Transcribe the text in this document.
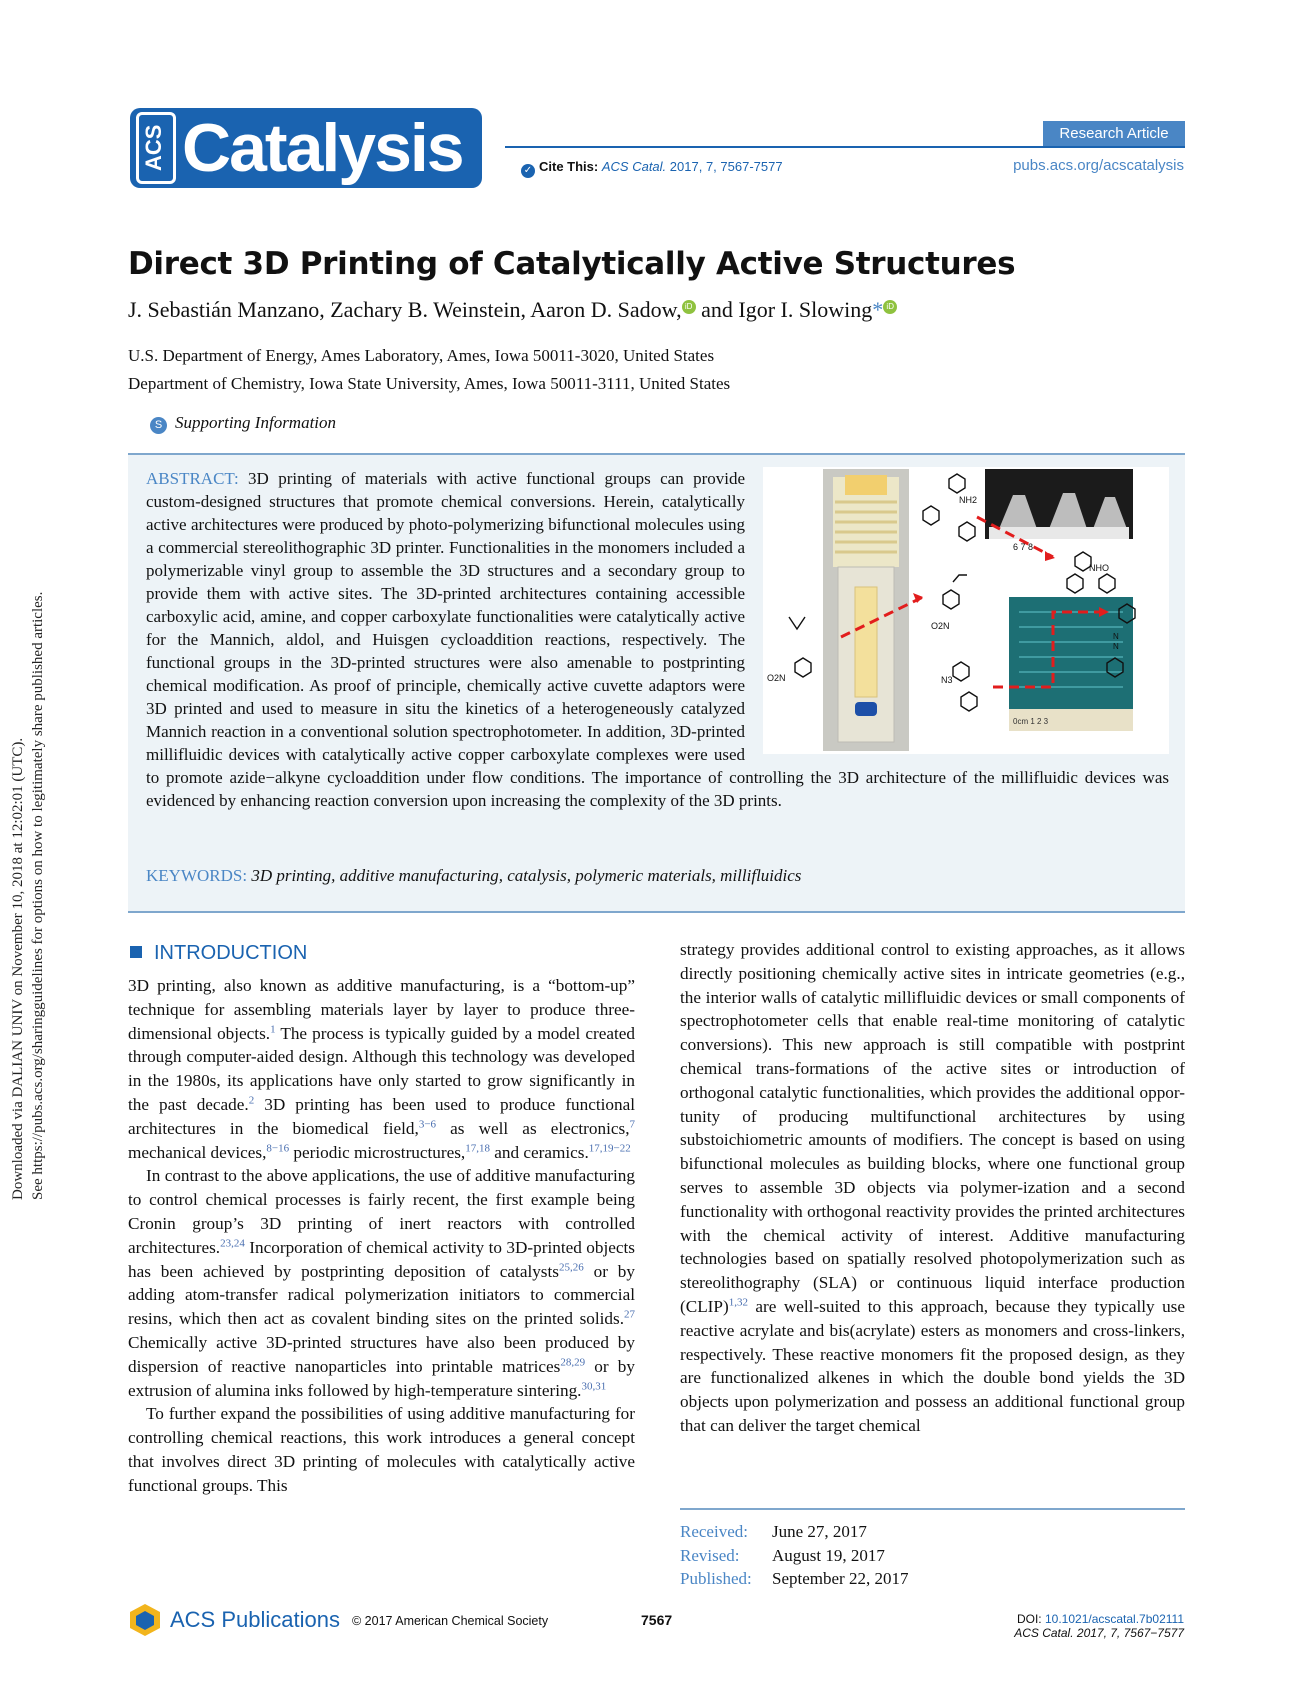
Downloaded via DALIAN UNIV on November 10, 2018 at 12:02:01 (UTC). See https://pubs.acs.org/sharingguidelines for options on how to legitimately share published articles.
ACS Catalysis	Research Article
✓ Cite This: ACS Catal. 2017, 7, 7567-7577	pubs.acs.org/acscatalysis
Direct 3D Printing of Catalytically Active Structures
J. Sebastián Manzano, Zachary B. Weinstein, Aaron D. Sadow, iD and Igor I. Slowing* iD
U.S. Department of Energy, Ames Laboratory, Ames, Iowa 50011-3020, United States
Department of Chemistry, Iowa State University, Ames, Iowa 50011-3111, United States
S Supporting Information
6 7 8
0cm 1 2 3
NH2
O2N
O2N	N3
NHO
N
N
ABSTRACT: 3D printing of materials with active functional groups can provide custom-designed structures that promote chemical conversions. Herein, catalytically active architectures were produced by photo-polymerizing bifunctional molecules using a commercial stereolithographic 3D printer. Functionalities in the monomers included a polymerizable vinyl group to assemble the 3D structures and a secondary group to provide them with active sites. The 3D-printed architectures containing accessible carboxylic acid, amine, and copper carboxylate functionalities were catalytically active for the Mannich, aldol, and Huisgen cycloaddition reactions, respectively. The functional groups in the 3D-printed structures were also amenable to postprinting chemical modification. As proof of principle, chemically active cuvette adaptors were 3D printed and used to measure in situ the kinetics of a heterogeneously catalyzed Mannich reaction in a conventional solution spectrophotometer. In addition, 3D-printed millifluidic devices with catalytically active copper carboxylate complexes were used to promote azide−alkyne cycloaddition under flow conditions. The importance of controlling the 3D architecture of the millifluidic devices was evidenced by enhancing reaction conversion upon increasing the complexity of the 3D prints.
KEYWORDS: 3D printing, additive manufacturing, catalysis, polymeric materials, millifluidics
INTRODUCTION

3D printing, also known as additive manufacturing, is a “bottom-up” technique for assembling materials layer by layer to produce three-dimensional objects.$^1$ The process is typically guided by a model created through computer-aided design. Although this technology was developed in the 1980s, its applications have only started to grow significantly in the past decade.$^2$ 3D printing has been used to produce functional architectures in the biomedical field,$^{3-6}$ as well as electronics,$^7$ mechanical devices,$^{8-16}$ periodic microstructures,$^{17,18}$ and ceramics.$^{17,19-22}$

In contrast to the above applications, the use of additive manufacturing to control chemical processes is fairly recent, the first example being Cronin group’s 3D printing of inert reactors with controlled architectures.$^{23,24}$ Incorporation of chemical activity to 3D-printed objects has been achieved by postprinting deposition of catalysts$^{25,26}$ or by adding atom-transfer radical polymerization initiators to commercial resins, which then act as covalent binding sites on the printed solids.$^{27}$ Chemically active 3D-printed structures have also been produced by dispersion of reactive nanoparticles into printable matrices$^{28,29}$ or by extrusion of alumina inks followed by high-temperature sintering.$^{30,31}$

To further expand the possibilities of using additive manufacturing for controlling chemical reactions, this work introduces a general concept that involves direct 3D printing of molecules with catalytically active functional groups. This

strategy provides additional control to existing approaches, as it allows directly positioning chemically active sites in intricate geometries (e.g., the interior walls of catalytic millifluidic devices or small components of spectrophotometer cells that enable real-time monitoring of catalytic conversions). This new approach is still compatible with postprint chemical trans-formations of the active sites or introduction of orthogonal catalytic functionalities, which provides the additional oppor-tunity of producing multifunctional architectures by using substoichiometric amounts of modifiers. The concept is based on using bifunctional molecules as building blocks, where one functional group serves to assemble 3D objects via polymer-ization and a second functionality with orthogonal reactivity provides the printed architectures with the chemical activity of interest. Additive manufacturing technologies based on spatially resolved photopolymerization such as stereolithography (SLA) or continuous liquid interface production (CLIP)$^{1,32}$ are well-suited to this approach, because they typically use reactive acrylate and bis(acrylate) esters as monomers and cross-linkers, respectively. These reactive monomers fit the proposed design, as they are functionalized alkenes in which the double bond yields the 3D objects upon polymerization and possess an additional functional group that can deliver the target chemical

Received:	June 27, 2017
Revised:	August 19, 2017
Published:	September 22, 2017
ACS Publications © 2017 American Chemical Society	7567	DOI: 10.1021/acscatal.7b02111
ACS Catal. 2017, 7, 7567−7577
